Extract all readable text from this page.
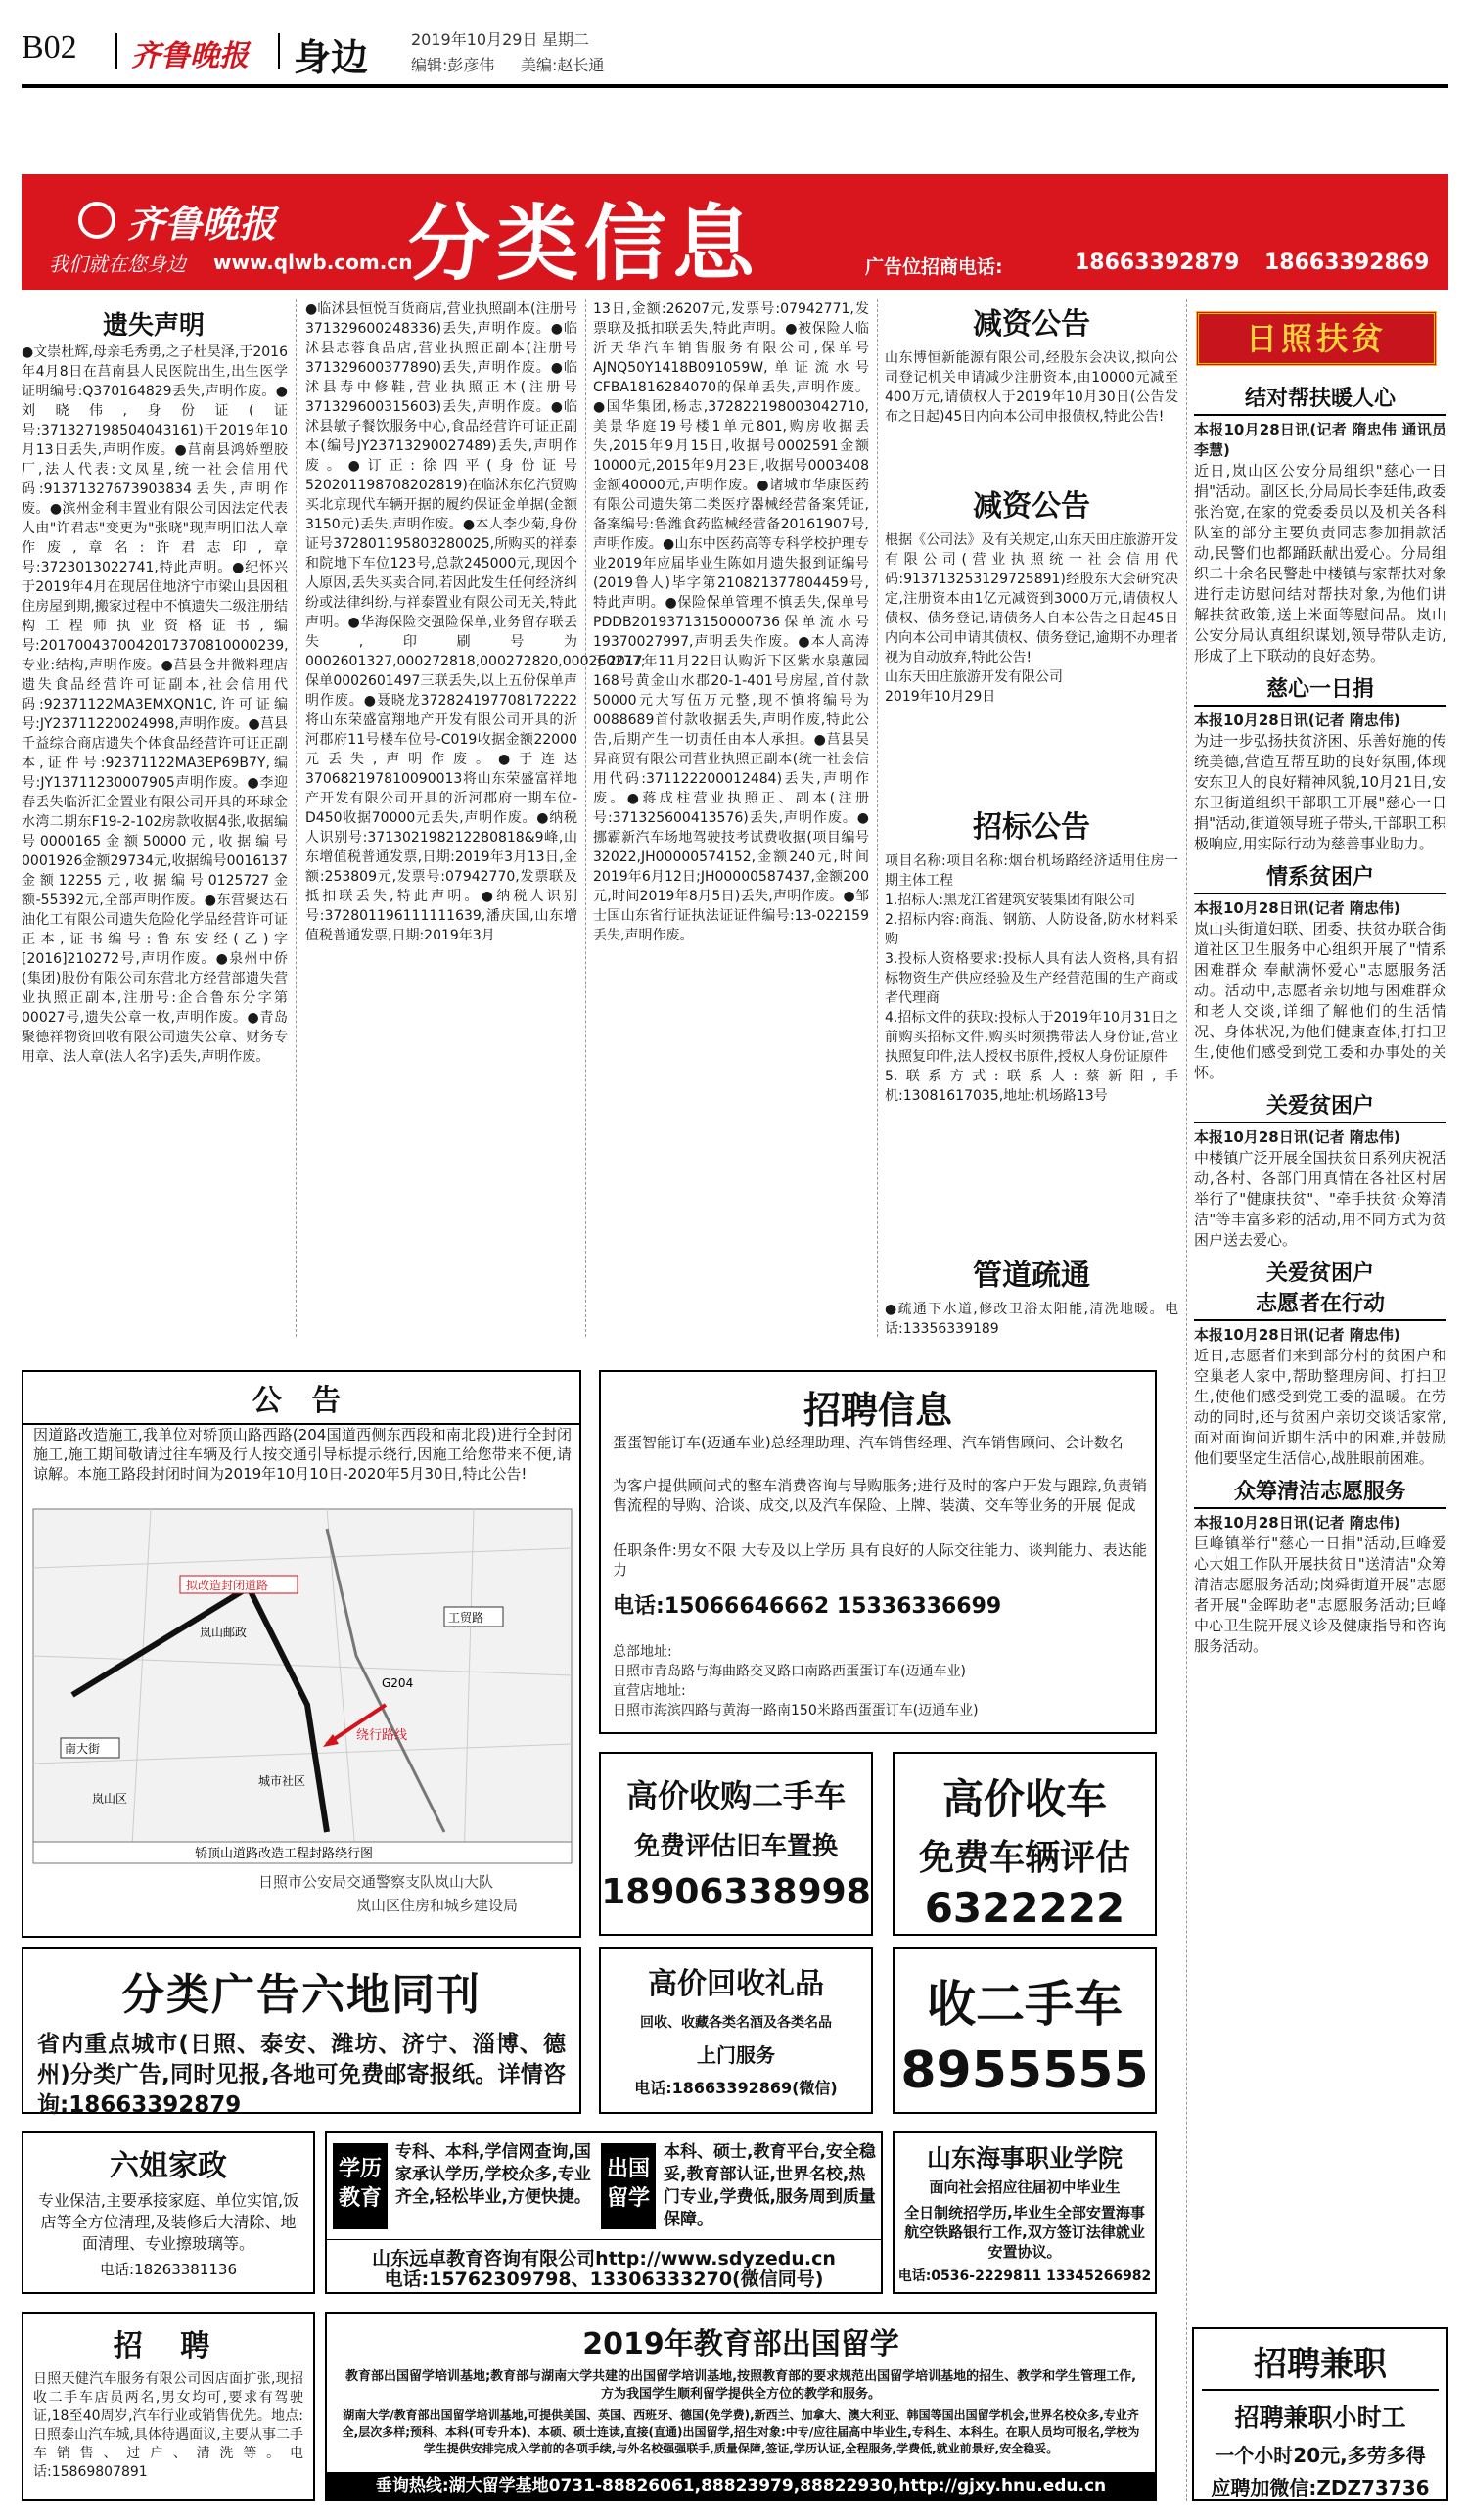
B02 齐鲁晚报 身边	2019年10月29日 星期二
编辑:彭彦伟 美编:赵长通
齐鲁晚报
我们就在您身边 www.qlwb.com.cn
分类信息	广告位招商电话:	18663392879 18663392869
遗失声明
●文崇杜辉,母亲毛秀勇,之子杜昊泽,于2016年4月8日在莒南县人民医院出生,出生医学证明编号:Q370164829丢失,声明作废。●刘晓伟,身份证(证号:371327198504043161)于2019年10月13日丢失,声明作废。●莒南县鸿娇塑胶厂,法人代表:文凤星,统一社会信用代码:91371327673903834丢失,声明作废。●滨州金利丰置业有限公司因法定代表人由"许君志"变更为"张晓"现声明旧法人章作废,章名:许君志印,章号:3723013022741,特此声明。●纪怀兴于2019年4月在现居住地济宁市梁山县因租住房屋到期,搬家过程中不慎遗失二级注册结构工程师执业资格证书,编号:2017004370042017370810000239,专业:结构,声明作废。●莒县仓井微料理店遗失食品经营许可证副本,社会信用代码:92371122MA3EMXQN1C,许可证编号:JY23711220024998,声明作废。●莒县千益综合商店遗失个体食品经营许可证正副本,证件号:92371122MA3EP69B7Y,编号:JY13711230007905声明作废。●李迎春丢失临沂汇金置业有限公司开具的环球金水湾二期东F19-2-102房款收据4张,收据编号0000165金额50000元,收据编号0001926金额29734元,收据编号0016137金额12255元,收据编号0125727金额-55392元,全部声明作废。●东营聚达石油化工有限公司遗失危险化学品经营许可证正本,证书编号:鲁东安经(乙)字[2016]210272号,声明作废。●泉州中侨(集团)股份有限公司东营北方经营部遗失营业执照正副本,注册号:企合鲁东分字第00027号,遗失公章一枚,声明作废。●青岛聚德祥物资回收有限公司遗失公章、财务专用章、法人章(法人名字)丢失,声明作废。
●临沭县恒悦百货商店,营业执照副本(注册号371329600248336)丢失,声明作废。●临沭县志蓉食品店,营业执照正副本(注册号371329600377890)丢失,声明作废。●临沭县寿中修鞋,营业执照正本(注册号371329600315603)丢失,声明作废。●临沭县敏子餐饮服务中心,食品经营许可证正副本(编号JY23713290027489)丢失,声明作废。●订正:徐四平(身份证号520201198708202819)在临沭东亿汽贸购买北京现代车辆开据的履约保证金单据(金额3150元)丢失,声明作废。●本人李少菊,身份证号372801195803280025,所购买的祥泰和院地下车位123号,总款245000元,现因个人原因,丢失买卖合同,若因此发生任何经济纠纷或法律纠纷,与祥泰置业有限公司无关,特此声明。●华海保险交强险保单,业务留存联丢失,印刷号为0002601327,000272818,000272820,000260277;保单0002601497三联丢失,以上五份保单声明作废。●聂晓龙372824197708172222将山东荣盛富翔地产开发有限公司开具的沂河郡府11号楼车位号-C019收据金额22000元丢失,声明作废。●于连达370682197810090013将山东荣盛富祥地产开发有限公司开具的沂河郡府一期车位-D450收据70000元丢失,声明作废。●纳税人识别号:371302198212280818&9峰,山东增值税普通发票,日期:2019年3月13日,金额:253809元,发票号:07942770,发票联及抵扣联丢失,特此声明。●纳税人识别号:372801196111111639,潘庆国,山东增值税普通发票,日期:2019年3月
13日,金额:26207元,发票号:07942771,发票联及抵扣联丢失,特此声明。●被保险人临沂天华汽车销售服务有限公司,保单号AJNQ50Y1418B091059W,单证流水号CFBA1816284070的保单丢失,声明作废。●国华集团,杨志,372822198003042710,美景华庭19号楼1单元801,购房收据丢失,2015年9月15日,收据号0002591金额10000元,2015年9月23日,收据号0003408金额40000元,声明作废。●诸城市华康医药有限公司遗失第二类医疗器械经营备案凭证,备案编号:鲁潍食药监械经营备20161907号,声明作废。●山东中医药高等专科学校护理专业2019年应届毕业生陈如月遗失报到证编号(2019鲁人)毕字第210821377804459号,特此声明。●保险保单管理不慎丢失,保单号PDDB20193713150000736保单流水号19370027997,声明丢失作废。●本人高涛于2017年11月22日认购沂下区紫水泉蕙园168号黄金山水郡20-1-401号房屋,首付款50000元大写伍万元整,现不慎将编号为0088689首付款收据丢失,声明作废,特此公告,后期产生一切责任由本人承担。●莒县吴昇商贸有限公司营业执照正副本(统一社会信用代码:371122200012484)丢失,声明作废。●蒋成柱营业执照正、副本(注册号:371325600413576)丢失,声明作废。●挪霸新汽车场地驾驶技考试费收据(项目编号32022,JH00000574152,金额240元,时间2019年6月12日;JH00000587437,金额200元,时间2019年8月5日)丢失,声明作废。●邹士国山东省行证执法证证件编号:13-022159丢失,声明作废。
减资公告
山东博恒新能源有限公司,经股东会决议,拟向公司登记机关申请减少注册资本,由10000元减至400万元,请债权人于2019年10月30日(公告发布之日起)45日内向本公司申报债权,特此公告!
减资公告
根据《公司法》及有关规定,山东天田庄旅游开发有限公司(营业执照统一社会信用代码:913713253129725891)经股东大会研究决定,注册资本由1亿元减资到3000万元,请债权人债权、债务登记,请债务人自本公告之日起45日内向本公司申请其债权、债务登记,逾期不办理者视为自动放弃,特此公告!
山东天田庄旅游开发有限公司
2019年10月29日
招标公告
项目名称:项目名称:烟台机场路经济适用住房一期主体工程
1.招标人:黑龙江省建筑安装集团有限公司
2.招标内容:商混、钢筋、人防设备,防水材料采购
3.投标人资格要求:投标人具有法人资格,具有招标物资生产供应经验及生产经营范围的生产商或者代理商
4.招标文件的获取:投标人于2019年10月31日之前购买招标文件,购买时须携带法人身份证,营业执照复印件,法人授权书原件,授权人身份证原件
5.联系方式:联系人:蔡新阳,手机:13081617035,地址:机场路13号
管道疏通
●疏通下水道,修改卫浴太阳能,清洗地暖。电话:13356339189
日照扶贫
结对帮扶暖人心
本报10月28日讯(记者 隋忠伟 通讯员 李慧)
近日,岚山区公安分局组织"慈心一日捐"活动。副区长,分局局长李廷伟,政委张治宽,在家的党委委员以及机关各科队室的部分主要负责同志参加捐款活动,民警们也都踊跃献出爱心。分局组织二十余名民警赴中楼镇与家帮扶对象进行走访慰问结对帮扶对象,为他们讲解扶贫政策,送上米面等慰问品。岚山公安分局认真组织谋划,领导带队走访,形成了上下联动的良好态势。
慈心一日捐
本报10月28日讯(记者 隋忠伟)
为进一步弘扬扶贫济困、乐善好施的传统美德,营造互帮互助的良好氛围,体现安东卫人的良好精神风貌,10月21日,安东卫街道组织干部职工开展"慈心一日捐"活动,街道领导班子带头,干部职工积极响应,用实际行动为慈善事业助力。
情系贫困户
本报10月28日讯(记者 隋忠伟)
岚山头街道妇联、团委、扶贫办联合街道社区卫生服务中心组织开展了"情系困难群众 奉献满怀爱心"志愿服务活动。活动中,志愿者亲切地与困难群众和老人交谈,详细了解他们的生活情况、身体状况,为他们健康查体,打扫卫生,使他们感受到党工委和办事处的关怀。
关爱贫困户
本报10月28日讯(记者 隋忠伟)
中楼镇广泛开展全国扶贫日系列庆祝活动,各村、各部门用真情在各社区村居举行了"健康扶贫"、"牵手扶贫·众筹清洁"等丰富多彩的活动,用不同方式为贫困户送去爱心。
关爱贫困户
志愿者在行动
本报10月28日讯(记者 隋忠伟)
近日,志愿者们来到部分村的贫困户和空巢老人家中,帮助整理房间、打扫卫生,使他们感受到党工委的温暖。在劳动的同时,还与贫困户亲切交谈话家常,面对面询问近期生活中的困难,并鼓励他们要坚定生活信心,战胜眼前困难。
众筹清洁志愿服务
本报10月28日讯(记者 隋忠伟)
巨峰镇举行"慈心一日捐"活动,巨峰爱心大姐工作队开展扶贫日"送清洁"众筹清洁志愿服务活动;岗舜街道开展"志愿者开展"金晖助老"志愿服务活动;巨峰中心卫生院开展义诊及健康指导和咨询服务活动。
公 告
因道路改造施工,我单位对轿顶山路西路(204国道西侧东西段和南北段)进行全封闭施工,施工期间敬请过往车辆及行人按交通引导标提示绕行,因施工给您带来不便,请谅解。本施工路段封闭时间为2019年10月10日-2020年5月30日,特此公告!
拟改造封闭道路
绕行路线
工贸路
南大街
岚山邮政
城市社区
岚山区
G204
轿顶山道路改造工程封路绕行图
日照市公安局交通警察支队岚山大队
岚山区住房和城乡建设局
招聘信息
蛋蛋智能订车(迈通车业)总经理助理、汽车销售经理、汽车销售顾问、会计数名
为客户提供顾问式的整车消费咨询与导购服务;进行及时的客户开发与跟踪,负责销售流程的导购、洽谈、成交,以及汽车保险、上牌、装潢、交车等业务的开展 促成
任职条件:男女不限 大专及以上学历 具有良好的人际交往能力、谈判能力、表达能力
电话:15066646662 15336336699
总部地址:
日照市青岛路与海曲路交叉路口南路西蛋蛋订车(迈通车业)
直营店地址:
日照市海滨四路与黄海一路南150米路西蛋蛋订车(迈通车业)
高价收购二手车
免费评估旧车置换
18906338998
高价收车
免费车辆评估
6322222
分类广告六地同刊
省内重点城市(日照、泰安、潍坊、济宁、淄博、德州)分类广告,同时见报,各地可免费邮寄报纸。详情咨询:18663392879
高价回收礼品
回收、收藏各类名酒及各类名品
上门服务
电话:18663392869(微信)
收二手车
8955555
六姐家政
专业保洁,主要承接家庭、单位实馆,饭店等全方位清理,及装修后大清除、地面清理、专业擦玻璃等。
电话:18263381136
学历
教育
专科、本科,学信网查询,国家承认学历,学校众多,专业齐全,轻松毕业,方便快捷。
出国
留学
本科、硕士,教育平台,安全稳妥,教育部认证,世界名校,热门专业,学费低,服务周到质量保障。
山东远卓教育咨询有限公司http://www.sdyzedu.cn
电话:15762309798、13306333270(微信同号)
山东海事职业学院
面向社会招应往届初中毕业生
全日制统招学历,毕业生全部安置海事航空铁路银行工作,双方签订法律就业安置协议。
电话:0536-2229811 13345266982
招 聘
日照天健汽车服务有限公司因店面扩张,现招收二手车店员两名,男女均可,要求有驾驶证,18至40周岁,汽车行业或销售优先。地点:日照泰山汽车城,具体待遇面议,主要从事二手车销售、过户、清洗等。电话:15869807891
2019年教育部出国留学
教育部出国留学培训基地;教育部与湖南大学共建的出国留学培训基地,按照教育部的要求规范出国留学培训基地的招生、教学和学生管理工作,方为我国学生顺利留学提供全方位的教学和服务。
湖南大学/教育部出国留学培训基地,可提供美国、英国、西班牙、德国(免学费),新西兰、加拿大、澳大利亚、韩国等国出国留学机会,世界名校众多,专业齐全,层次多样;预科、本科(可专升本)、本硕、硕士连读,直接(直通)出国留学,招生对象:中专/应往届高中毕业生,专科生、本科生。在职人员均可报名,学校为学生提供安排完成入学前的各项手续,与外名校强强联手,质量保障,签证,学历认证,全程服务,学费低,就业前景好,安全稳妥。
垂询热线:湖大留学基地0731-88826061,88823979,88822930,http://gjxy.hnu.edu.cn
招聘兼职
招聘兼职小时工
一个小时20元,多劳多得
应聘加微信:ZDZ73736
